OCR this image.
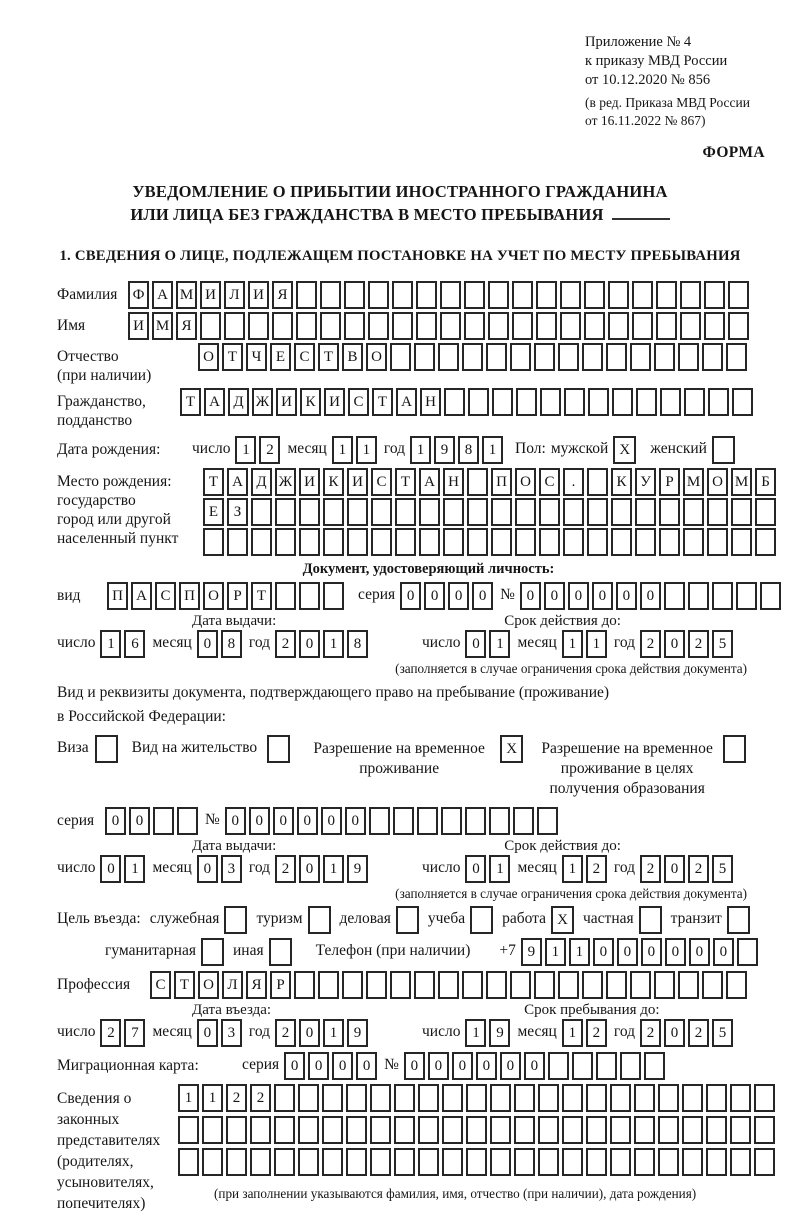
Приложение № 4
к приказу МВД России
от 10.12.2020 № 856
(в ред. Приказа МВД России
от 16.11.2022 № 867)
ФОРМА
УВЕДОМЛЕНИЕ О ПРИБЫТИИ ИНОСТРАННОГО ГРАЖДАНИНА
ИЛИ ЛИЦА БЕЗ ГРАЖДАНСТВА В МЕСТО ПРЕБЫВАНИЯ
1. СВЕДЕНИЯ О ЛИЦЕ, ПОДЛЕЖАЩЕМ ПОСТАНОВКЕ НА УЧЕТ ПО МЕСТУ ПРЕБЫВАНИЯ
Фамилия	Ф А М И Л И Я
Имя	И М Я
Отчество
(при наличии)
О Т Ч Е С Т В О
Гражданство,
подданство
Т А Д Ж И К И С Т А Н
Дата рождения:	число 1	2 месяц 1	1 год 1	9	8	1	Пол: мужской X	женский
Место рождения:
государство
город или другой
населенный пункт
Т А Д Ж И К И С Т А Н	П О С	.	К У Р М О М Б
Е	З
Документ, удостоверяющий личность:
вид	П А С П О Р	Т	серия 0	0	0	0 № 0	0	0	0	0	0
Дата выдачи:	Срок действия до:
число 1	6 месяц 0	8 год 2	0	1	8	число 0	1 месяц 1	1 год 2	0	2	5
(заполняется в случае ограничения срока действия документа)
Вид и реквизиты документа, подтверждающего право на пребывание (проживание)
в Российской Федерации:
Виза	Вид на жительство	Разрешение на временное
проживание
X	Разрешение на временное
проживание в целях
получения образования
серия	0	0	№ 0	0	0	0	0	0
Дата выдачи:	Срок действия до:
число 0	1 месяц 0	3 год 2	0	1	9	число 0	1 месяц 1	2 год 2	0	2	5
(заполняется в случае ограничения срока действия документа)
Цель въезда: служебная	туризм	деловая	учеба	работа X частная	транзит
гуманитарная	иная	Телефон (при наличии)	+7 9	1	1	0	0	0	0	0	0
Профессия	С Т О Л Я Р
Дата въезда:	Срок пребывания до:
число 2	7 месяц 0	3 год 2	0	1	9	число 1	9 месяц 1	2 год 2	0	2	5
Миграционная карта:	серия 0	0	0	0 № 0	0	0	0	0	0
Сведения о
законных
представителях
(родителях,
усыновителях,
попечителях)
1	1	2	2
(при заполнении указываются фамилия, имя, отчество (при наличии), дата рождения)
